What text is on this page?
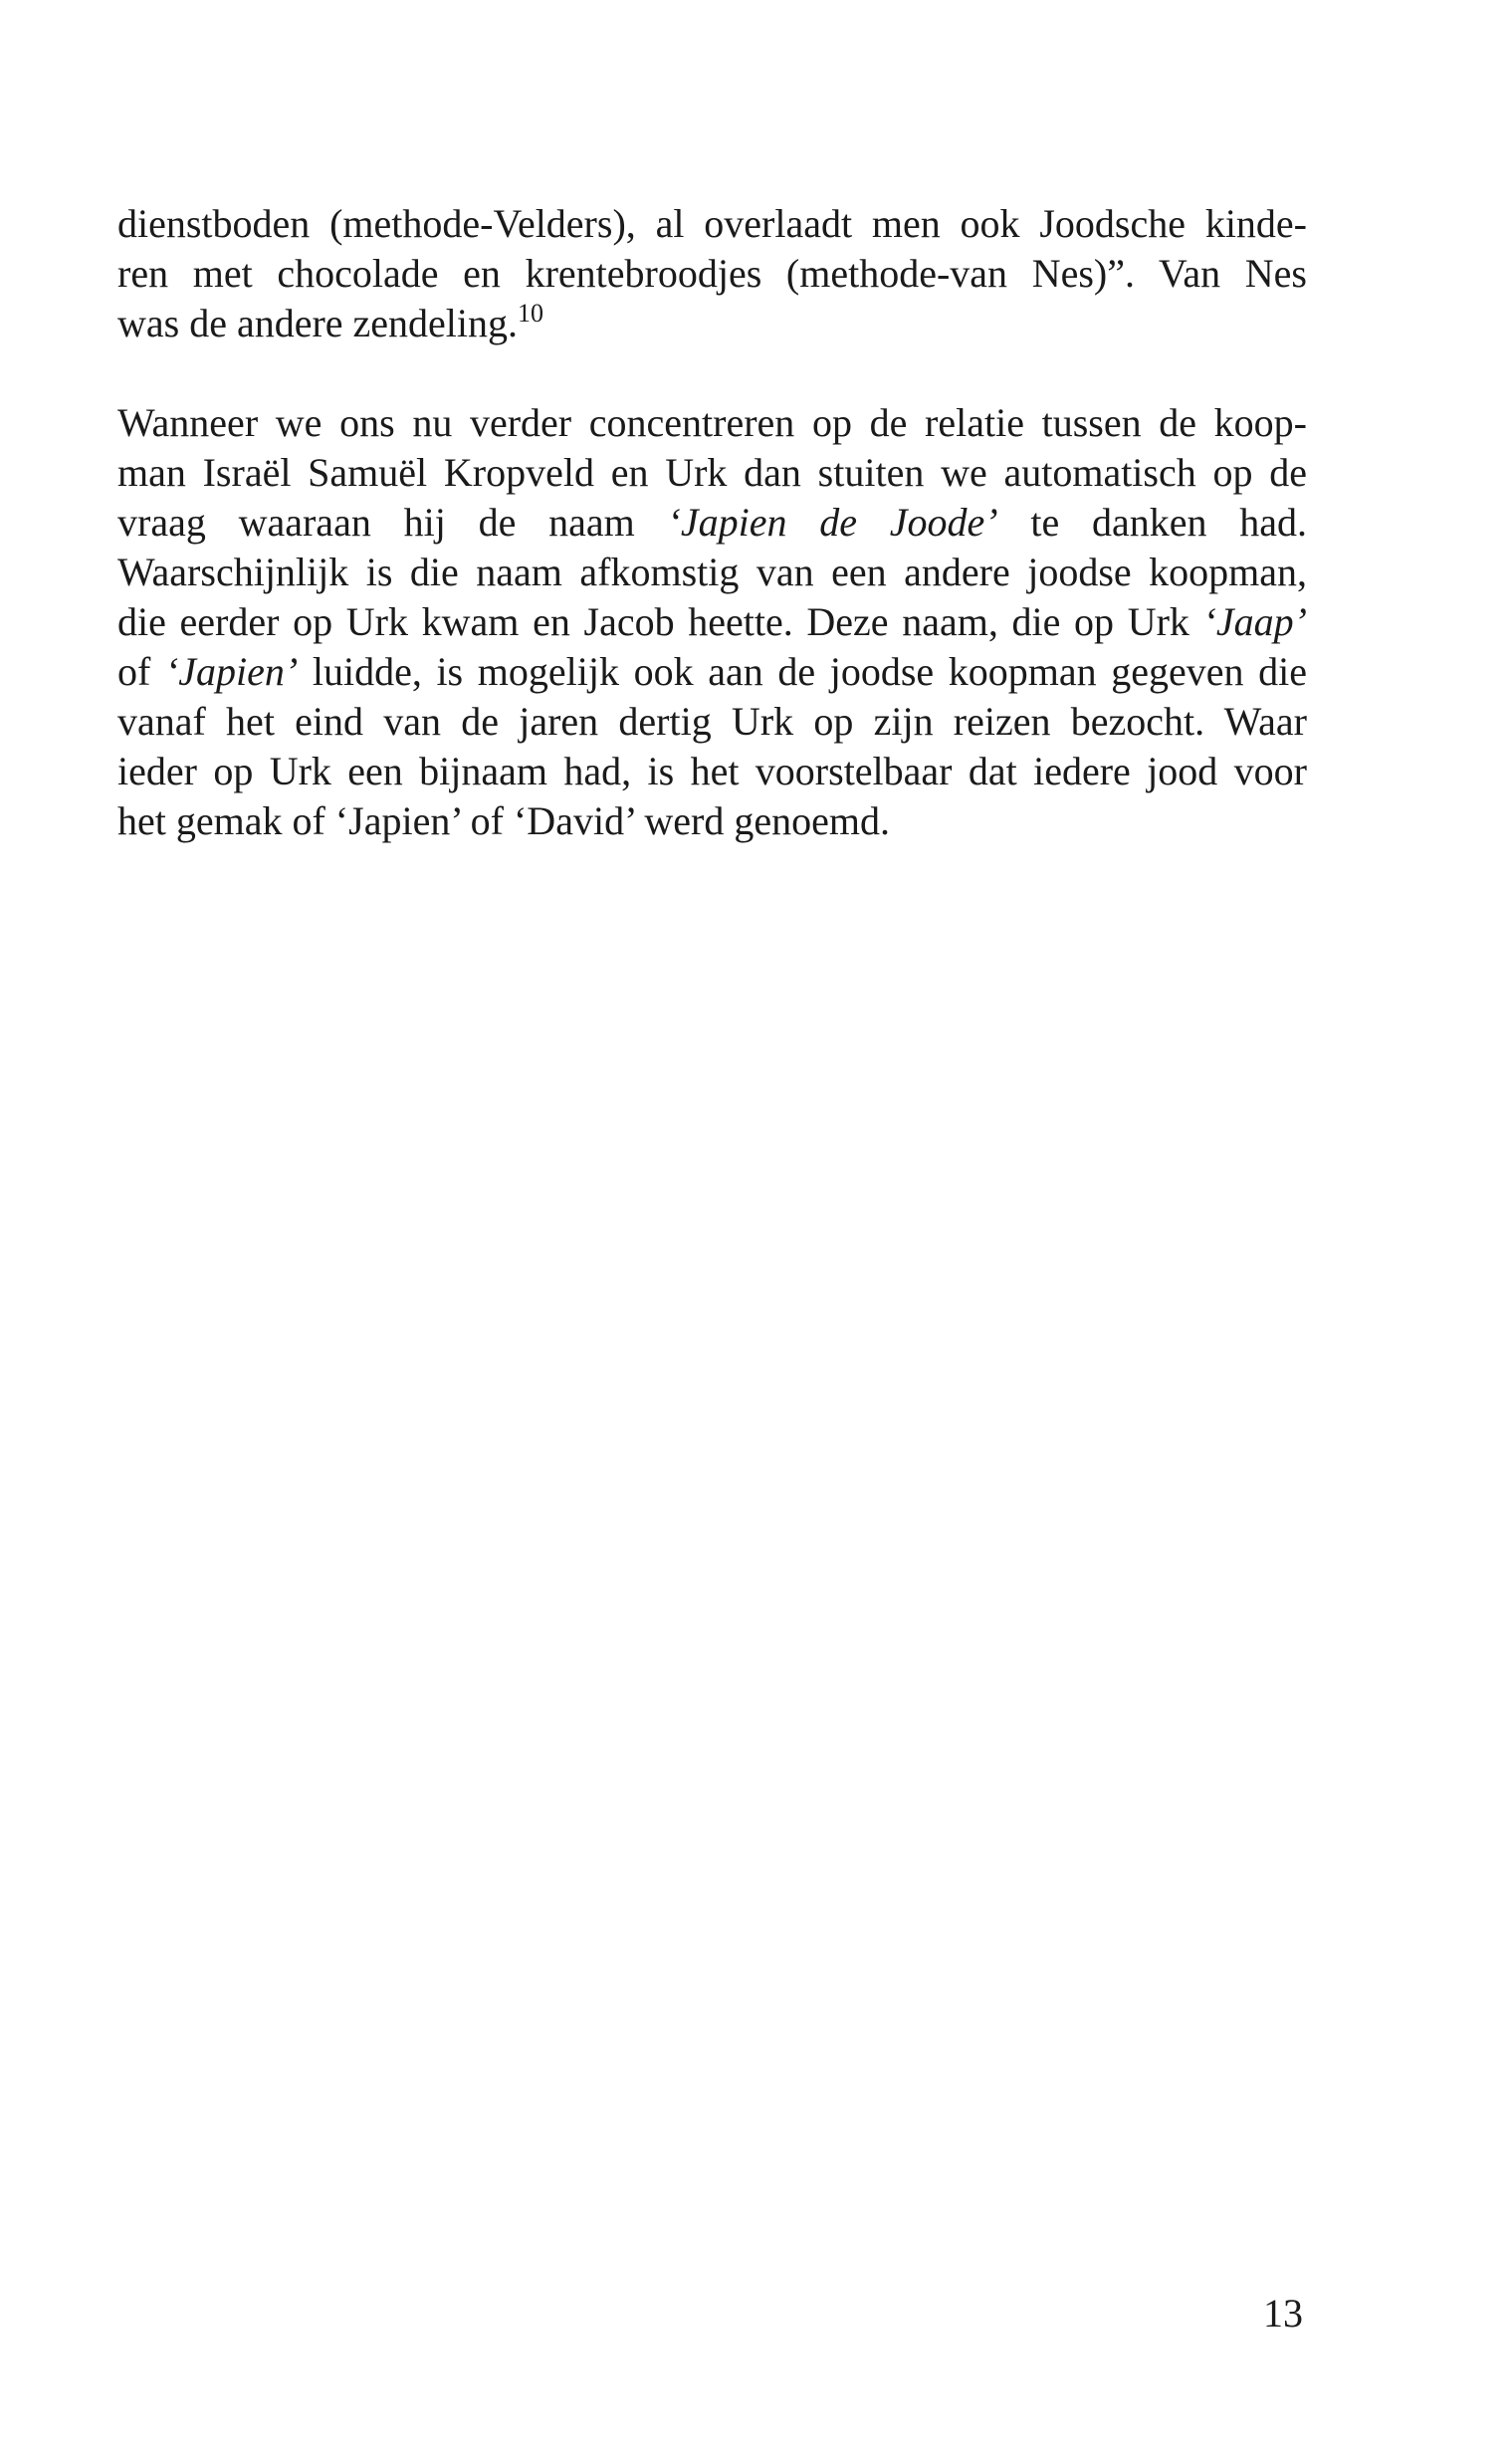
dienstboden (methode-Velders), al overlaadt men ook Joodsche kinde-
ren met chocolade en krentebroodjes (methode-van Nes)”. Van Nes
was de andere zendeling.$^{10}$
Wanneer we ons nu verder concentreren op de relatie tussen de koop-
man Israël Samuël Kropveld en Urk dan stuiten we automatisch op de
vraag waaraan hij de naam ‘Japien de Joode’ te danken had.
Waarschijnlijk is die naam afkomstig van een andere joodse koopman,
die eerder op Urk kwam en Jacob heette. Deze naam, die op Urk ‘Jaap’
of ‘Japien’ luidde, is mogelijk ook aan de joodse koopman gegeven die
vanaf het eind van de jaren dertig Urk op zijn reizen bezocht. Waar
ieder op Urk een bijnaam had, is het voorstelbaar dat iedere jood voor
het gemak of ‘Japien’ of ‘David’ werd genoemd.
13
